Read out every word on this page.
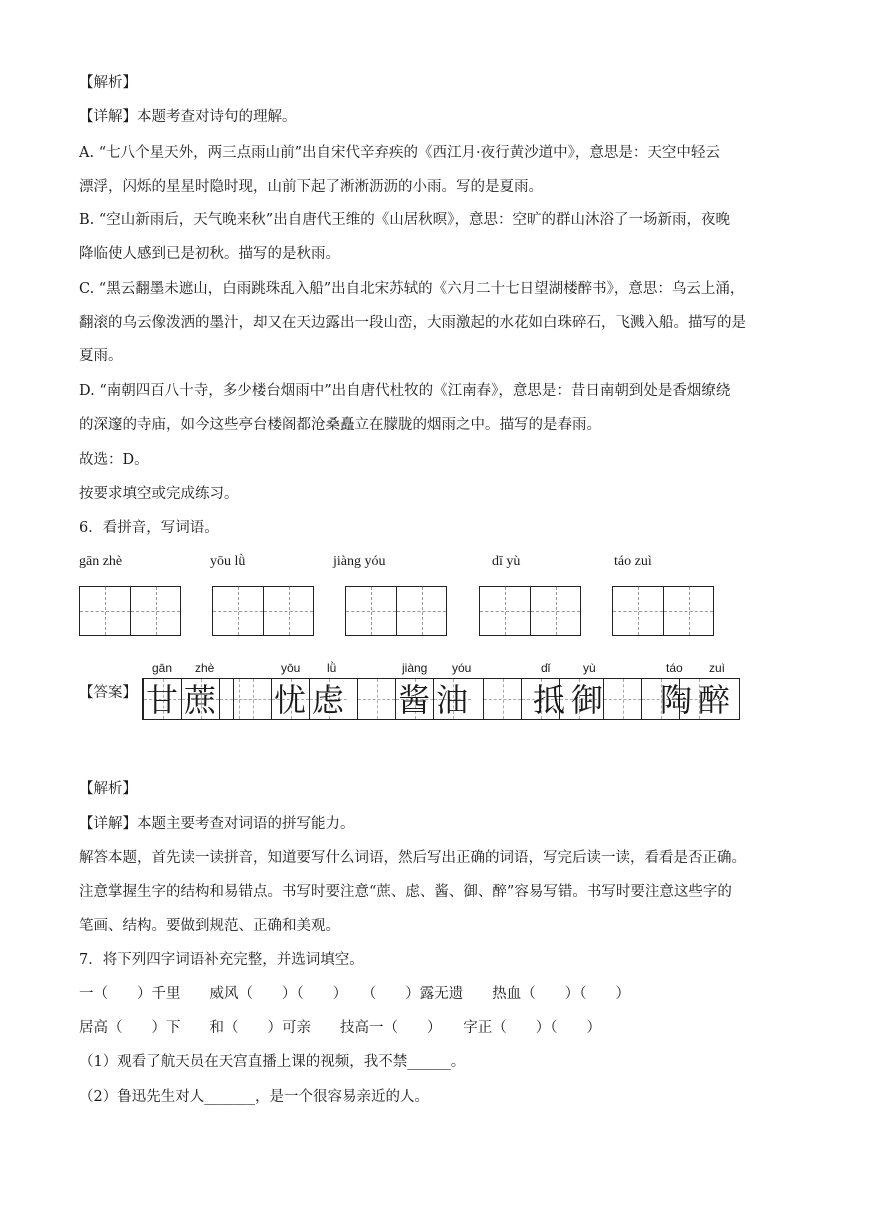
【解析】
【详解】本题考查对诗句的理解。
A. “七八个星天外，两三点雨山前”出自宋代辛弃疾的《西江月·夜行黄沙道中》，意思是：天空中轻云
漂浮，闪烁的星星时隐时现，山前下起了淅淅沥沥的小雨。写的是夏雨。
B. “空山新雨后，天气晚来秋”出自唐代王维的《山居秋暝》，意思：空旷的群山沐浴了一场新雨，夜晚
降临使人感到已是初秋。描写的是秋雨。
C. “黑云翻墨未遮山，白雨跳珠乱入船”出自北宋苏轼的《六月二十七日望湖楼醉书》，意思：乌云上涌，
翻滚的乌云像泼洒的墨汁，却又在天边露出一段山峦，大雨激起的水花如白珠碎石，飞溅入船。描写的是
夏雨。
D. “南朝四百八十寺，多少楼台烟雨中”出自唐代杜牧的《江南春》，意思是：昔日南朝到处是香烟缭绕
的深邃的寺庙，如今这些亭台楼阁都沧桑矗立在朦胧的烟雨之中。描写的是春雨。
故选：D。
按要求填空或完成练习。
6．看拼音，写词语。
gān zhè	yōu lǜ	jiàng yóu	dī yù	táo zuì
【答案】
gān zhè	yōu lǜ	jiàng yóu	dǐ	yù	táo zuì
甘 蔗 忧 虑 酱 油 抵 御 陶 醉
【解析】
【详解】本题主要考查对词语的拼写能力。
解答本题，首先读一读拼音，知道要写什么词语，然后写出正确的词语，写完后读一读，看看是否正确。
注意掌握生字的结构和易错点。书写时要注意“蔗、虑、酱、御、醉”容易写错。书写时要注意这些字的
笔画、结构。要做到规范、正确和美观。
7．将下列四字词语补充完整，并选词填空。
一（　　）千里　　威风（　　）（　　）　　（　　）露无遗　　热血（　　）（　　）
居高（　　）下　　和（　　）可亲　　技高一（　　）　　字正（　　）（　　）
（1）观看了航天员在天宫直播上课的视频，我不禁______。
（2）鲁迅先生对人_______，是一个很容易亲近的人。
